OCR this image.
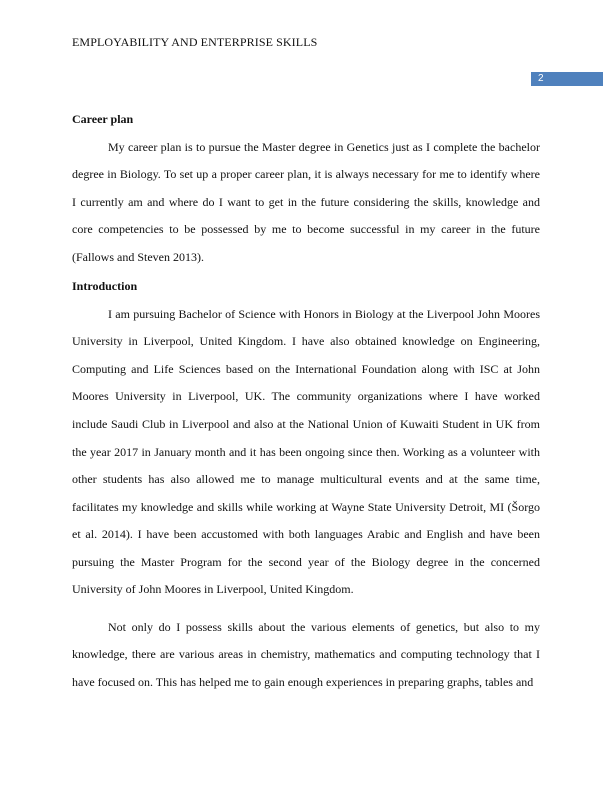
EMPLOYABILITY AND ENTERPRISE SKILLS
2

Career plan

My career plan is to pursue the Master degree in Genetics just as I complete the bachelor degree in Biology. To set up a proper career plan, it is always necessary for me to identify where I currently am and where do I want to get in the future considering the skills, knowledge and core competencies to be possessed by me to become successful in my career in the future (Fallows and Steven 2013).

Introduction

I am pursuing Bachelor of Science with Honors in Biology at the Liverpool John Moores University in Liverpool, United Kingdom. I have also obtained knowledge on Engineering, Computing and Life Sciences based on the International Foundation along with ISC at John Moores University in Liverpool, UK. The community organizations where I have worked include Saudi Club in Liverpool and also at the National Union of Kuwaiti Student in UK from the year 2017 in January month and it has been ongoing since then. Working as a volunteer with other students has also allowed me to manage multicultural events and at the same time, facilitates my knowledge and skills while working at Wayne State University Detroit, MI (Šorgo et al. 2014). I have been accustomed with both languages Arabic and English and have been pursuing the Master Program for the second year of the Biology degree in the concerned University of John Moores in Liverpool, United Kingdom.

Not only do I possess skills about the various elements of genetics, but also to my knowledge, there are various areas in chemistry, mathematics and computing technology that I have focused on. This has helped me to gain enough experiences in preparing graphs, tables and
